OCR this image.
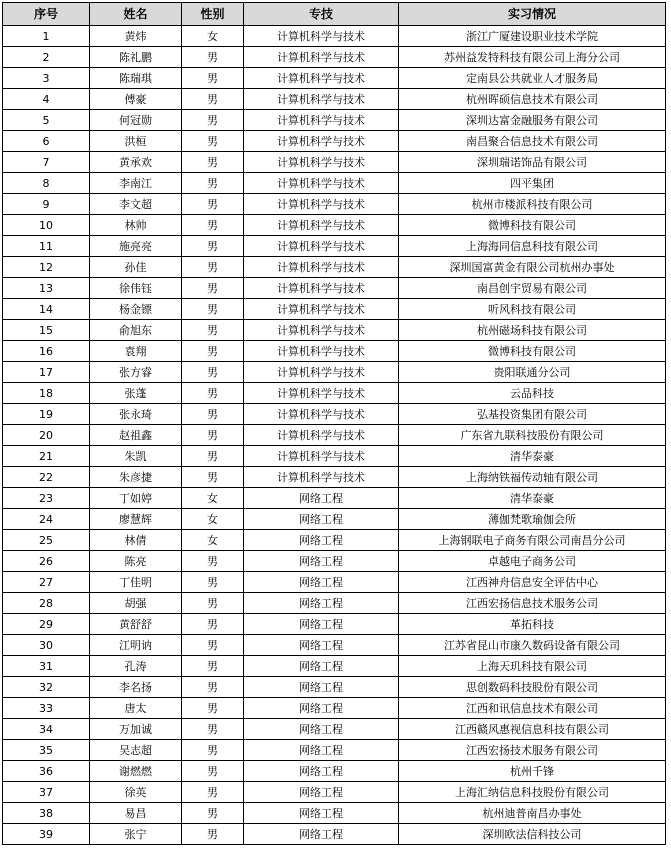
序号	姓名	性别	专技	实习情况
1	黄炜	女	计算机科学与技术	浙江广厦建设职业技术学院
2	陈礼鹏	男	计算机科学与技术	苏州益发特科技有限公司上海分公司
3	陈瑞琪	男	计算机科学与技术	定南县公共就业人才服务局
4	傅豪	男	计算机科学与技术	杭州晖硕信息技术有限公司
5	何冠勋	男	计算机科学与技术	深圳达富金融服务有限公司
6	洪桓	男	计算机科学与技术	南昌聚合信息技术有限公司
7	黄承欢	男	计算机科学与技术	深圳瑞诺饰品有限公司
8	李南江	男	计算机科学与技术	四平集团
9	李文超	男	计算机科学与技术	杭州市楼派科技有限公司
10	林帅	男	计算机科学与技术	微博科技有限公司
11	施亮亮	男	计算机科学与技术	上海海同信息科技有限公司
12	孙佳	男	计算机科学与技术	深圳国富黄金有限公司杭州办事处
13	徐伟钰	男	计算机科学与技术	南昌创宇贸易有限公司
14	杨金镖	男	计算机科学与技术	听风科技有限公司
15	俞旭东	男	计算机科学与技术	杭州磁场科技有限公司
16	袁翔	男	计算机科学与技术	微博科技有限公司
17	张方睿	男	计算机科学与技术	贵阳联通分公司
18	张蓬	男	计算机科学与技术	云品科技
19	张永琦	男	计算机科学与技术	弘基投资集团有限公司
20	赵祖鑫	男	计算机科学与技术	广东省九联科技股份有限公司
21	朱凯	男	计算机科学与技术	清华泰豪
22	朱彦捷	男	计算机科学与技术	上海纳铁福传动轴有限公司
23	丁如婷	女	网络工程	清华泰豪
24	廖慧辉	女	网络工程	薄伽梵歌瑜伽会所
25	林倩	女	网络工程	上海钢联电子商务有限公司南昌分公司
26	陈亮	男	网络工程	卓越电子商务公司
27	丁佳明	男	网络工程	江西神舟信息安全评估中心
28	胡强	男	网络工程	江西宏扬信息技术服务公司
29	黄舒舒	男	网络工程	革拓科技
30	江明讷	男	网络工程	江苏省昆山市康久数码设备有限公司
31	孔涛	男	网络工程	上海天玑科技有限公司
32	李名扬	男	网络工程	思创数码科技股份有限公司
33	唐太	男	网络工程	江西和讯信息技术有限公司
34	万加诚	男	网络工程	江西赣风惠视信息科技有限公司
35	吴志超	男	网络工程	江西宏扬技术服务有限公司
36	谢燃燃	男	网络工程	杭州千锋
37	徐英	男	网络工程	上海汇纳信息科技股份有限公司
38	易昌	男	网络工程	杭州迪普南昌办事处
39	张宁	男	网络工程	深圳欧法信科技公司
